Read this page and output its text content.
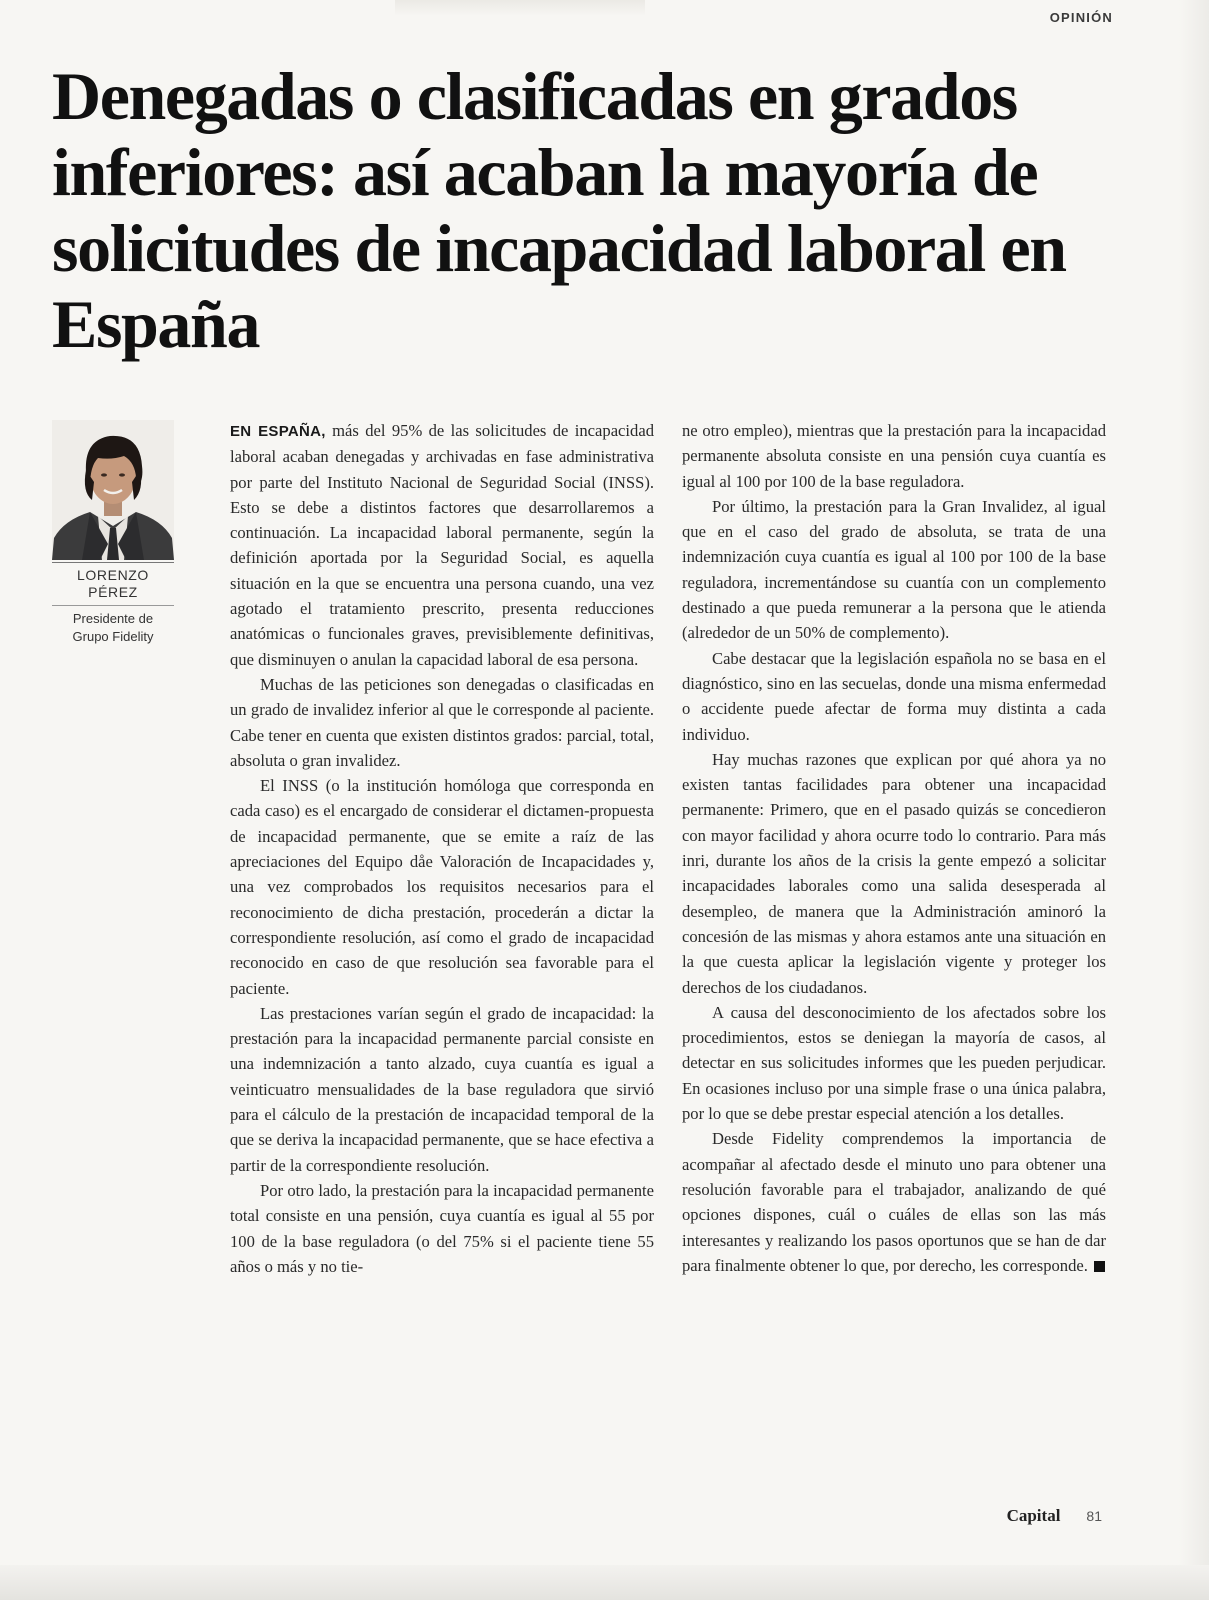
OPINIÓN
Denegadas o clasificadas en grados inferiores: así acaban la mayoría de solicitudes de incapacidad laboral en España
LORENZO
PÉREZ
Presidente de
Grupo Fidelity

EN ESPAÑA, más del 95% de las solicitudes de incapacidad laboral acaban denegadas y archivadas en fase administrativa por parte del Instituto Nacional de Seguridad Social (INSS). Esto se debe a distintos factores que desarrollaremos a continuación. La incapacidad laboral permanente, según la definición aportada por la Seguridad Social, es aquella situación en la que se encuentra una persona cuando, una vez agotado el tratamiento prescrito, presenta reducciones anatómicas o funcionales graves, previsiblemente definitivas, que disminuyen o anulan la capacidad laboral de esa persona.

Muchas de las peticiones son denegadas o clasificadas en un grado de invalidez inferior al que le corresponde al paciente. Cabe tener en cuenta que existen distintos grados: parcial, total, absoluta o gran invalidez.

El INSS (o la institución homóloga que corresponda en cada caso) es el encargado de considerar el dictamen-propuesta de incapacidad permanente, que se emite a raíz de las apreciaciones del Equipo dåe Valoración de Incapacidades y, una vez comprobados los requisitos necesarios para el reconocimiento de dicha prestación, procederán a dictar la correspondiente resolución, así como el grado de incapacidad reconocido en caso de que resolución sea favorable para el paciente.

Las prestaciones varían según el grado de incapacidad: la prestación para la incapacidad permanente parcial consiste en una indemnización a tanto alzado, cuya cuantía es igual a veinticuatro mensualidades de la base reguladora que sirvió para el cálculo de la prestación de incapacidad temporal de la que se deriva la incapacidad permanente, que se hace efectiva a partir de la correspondiente resolución.

Por otro lado, la prestación para la incapacidad permanente total consiste en una pensión, cuya cuantía es igual al 55 por 100 de la base reguladora (o del 75% si el paciente tiene 55 años o más y no tie-

ne otro empleo), mientras que la prestación para la incapacidad permanente absoluta consiste en una pensión cuya cuantía es igual al 100 por 100 de la base reguladora.

Por último, la prestación para la Gran Invalidez, al igual que en el caso del grado de absoluta, se trata de una indemnización cuya cuantía es igual al 100 por 100 de la base reguladora, incrementándose su cuantía con un complemento destinado a que pueda remunerar a la persona que le atienda (alrededor de un 50% de complemento).

Cabe destacar que la legislación española no se basa en el diagnóstico, sino en las secuelas, donde una misma enfermedad o accidente puede afectar de forma muy distinta a cada individuo.

Hay muchas razones que explican por qué ahora ya no existen tantas facilidades para obtener una incapacidad permanente: Primero, que en el pasado quizás se concedieron con mayor facilidad y ahora ocurre todo lo contrario. Para más inri, durante los años de la crisis la gente empezó a solicitar incapacidades laborales como una salida desesperada al desempleo, de manera que la Administración aminoró la concesión de las mismas y ahora estamos ante una situación en la que cuesta aplicar la legislación vigente y proteger los derechos de los ciudadanos.

A causa del desconocimiento de los afectados sobre los procedimientos, estos se deniegan la mayoría de casos, al detectar en sus solicitudes informes que les pueden perjudicar. En ocasiones incluso por una simple frase o una única palabra, por lo que se debe prestar especial atención a los detalles.

Desde Fidelity comprendemos la importancia de acompañar al afectado desde el minuto uno para obtener una resolución favorable para el trabajador, analizando de qué opciones dispones, cuál o cuáles de ellas son las más interesantes y realizando los pasos oportunos que se han de dar para finalmente obtener lo que, por derecho, les corresponde.

Capital 81
